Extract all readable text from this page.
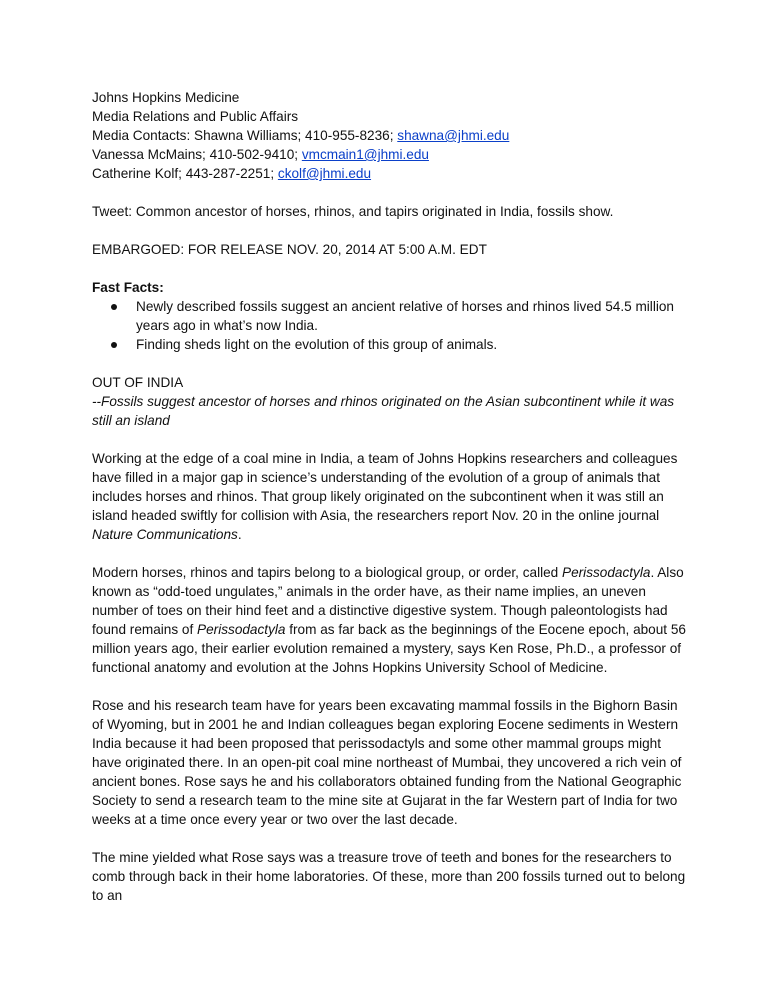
Johns Hopkins Medicine
Media Relations and Public Affairs
Media Contacts: Shawna Williams; 410-955-8236; shawna@jhmi.edu
Vanessa McMains; 410-502-9410; vmcmain1@jhmi.edu
Catherine Kolf; 443-287-2251; ckolf@jhmi.edu
Tweet: Common ancestor of horses, rhinos, and tapirs originated in India, fossils show.
EMBARGOED: FOR RELEASE NOV. 20, 2014 AT 5:00 A.M. EDT
Fast Facts:
Newly described fossils suggest an ancient relative of horses and rhinos lived 54.5 million years ago in what’s now India.
Finding sheds light on the evolution of this group of animals.
OUT OF INDIA
--Fossils suggest ancestor of horses and rhinos originated on the Asian subcontinent while it was still an island

Working at the edge of a coal mine in India, a team of Johns Hopkins researchers and colleagues have filled in a major gap in science’s understanding of the evolution of a group of animals that includes horses and rhinos. That group likely originated on the subcontinent when it was still an island headed swiftly for collision with Asia, the researchers report Nov. 20 in the online journal Nature Communications.

Modern horses, rhinos and tapirs belong to a biological group, or order, called Perissodactyla. Also known as “odd-toed ungulates,” animals in the order have, as their name implies, an uneven number of toes on their hind feet and a distinctive digestive system. Though paleontologists had found remains of Perissodactyla from as far back as the beginnings of the Eocene epoch, about 56 million years ago, their earlier evolution remained a mystery, says Ken Rose, Ph.D., a professor of functional anatomy and evolution at the Johns Hopkins University School of Medicine.

Rose and his research team have for years been excavating mammal fossils in the Bighorn Basin of Wyoming, but in 2001 he and Indian colleagues began exploring Eocene sediments in Western India because it had been proposed that perissodactyls and some other mammal groups might have originated there. In an open-pit coal mine northeast of Mumbai, they uncovered a rich vein of ancient bones. Rose says he and his collaborators obtained funding from the National Geographic Society to send a research team to the mine site at Gujarat in the far Western part of India for two weeks at a time once every year or two over the last decade.

The mine yielded what Rose says was a treasure trove of teeth and bones for the researchers to comb through back in their home laboratories. Of these, more than 200 fossils turned out to belong to an
